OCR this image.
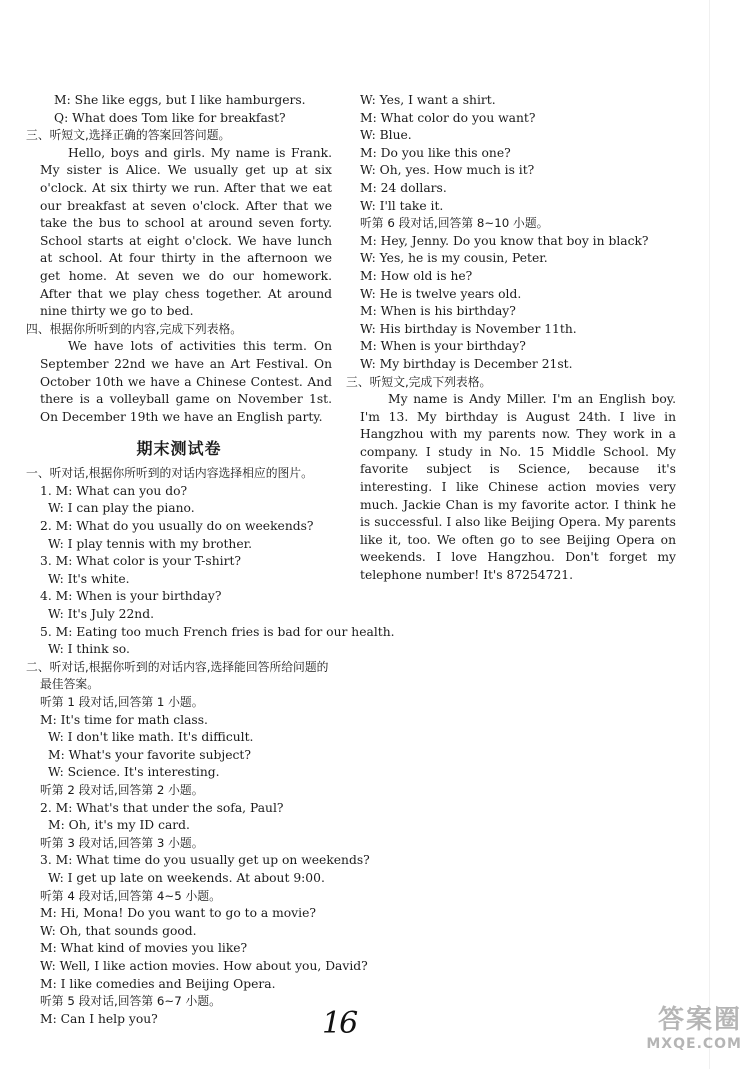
M: She like eggs, but I like hamburgers.
Q: What does Tom like for breakfast?
三、听短文,选择正确的答案回答问题。
Hello, boys and girls. My name is Frank. My sister is Alice. We usually get up at six o'clock. At six thirty we run. After that we eat our breakfast at seven o'clock. After that we take the bus to school at around seven forty. School starts at eight o'clock. We have lunch at school. At four thirty in the afternoon we get home. At seven we do our homework. After that we play chess together. At around nine thirty we go to bed.
四、根据你所听到的内容,完成下列表格。
We have lots of activities this term. On September 22nd we have an Art Festival. On October 10th we have a Chinese Contest. And there is a volleyball game on November 1st. On December 19th we have an English party.
期末测试卷
一、听对话,根据你所听到的对话内容选择相应的图片。
1. M: What can you do?
W: I can play the piano.
2. M: What do you usually do on weekends?
W: I play tennis with my brother.
3. M: What color is your T-shirt?
W: It's white.
4. M: When is your birthday?
W: It's July 22nd.
5. M: Eating too much French fries is bad for our health.
W: I think so.
二、听对话,根据你听到的对话内容,选择能回答所给问题的
最佳答案。
听第 1 段对话,回答第 1 小题。
M: It's time for math class.
W: I don't like math. It's difficult.
M: What's your favorite subject?
W: Science. It's interesting.
听第 2 段对话,回答第 2 小题。
2. M: What's that under the sofa, Paul?
M: Oh, it's my ID card.
听第 3 段对话,回答第 3 小题。
3. M: What time do you usually get up on weekends?
W: I get up late on weekends. At about 9:00.
听第 4 段对话,回答第 4~5 小题。
M: Hi, Mona! Do you want to go to a movie?
W: Oh, that sounds good.
M: What kind of movies you like?
W: Well, I like action movies. How about you, David?
M: I like comedies and Beijing Opera.
听第 5 段对话,回答第 6~7 小题。
M: Can I help you?
W: Yes, I want a shirt.
M: What color do you want?
W: Blue.
M: Do you like this one?
W: Oh, yes. How much is it?
M: 24 dollars.
W: I'll take it.
听第 6 段对话,回答第 8~10 小题。
M: Hey, Jenny. Do you know that boy in black?
W: Yes, he is my cousin, Peter.
M: How old is he?
W: He is twelve years old.
M: When is his birthday?
W: His birthday is November 11th.
M: When is your birthday?
W: My birthday is December 21st.
三、听短文,完成下列表格。
My name is Andy Miller. I'm an English boy. I'm 13. My birthday is August 24th. I live in Hangzhou with my parents now. They work in a company. I study in No. 15 Middle School. My favorite subject is Science, because it's interesting. I like Chinese action movies very much. Jackie Chan is my favorite actor. I think he is successful. I also like Beijing Opera. My parents like it, too. We often go to see Beijing Opera on weekends. I love Hangzhou. Don't forget my telephone number! It's 87254721.
16	答案圈
MXQE.COM
